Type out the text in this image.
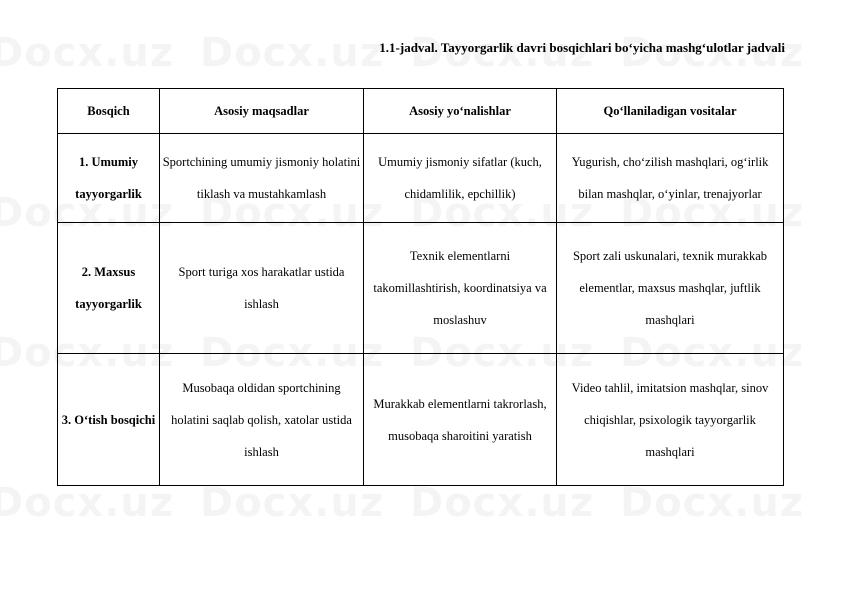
1.1-jadval. Tayyorgarlik davri bosqichlari bo‘yicha mashg‘ulotlar jadvali
Bosqich	Asosiy maqsadlar	Asosiy yo‘nalishlar	Qo‘llaniladigan vositalar
1. Umumiy tayyorgarlik	Sportchining umumiy jismoniy holatini tiklash va mustahkamlash	Umumiy jismoniy sifatlar (kuch, chidamlilik, epchillik)	Yugurish, cho‘zilish mashqlari, og‘irlik bilan mashqlar, o‘yinlar, trenajyorlar
2. Maxsus tayyorgarlik	Sport turiga xos harakatlar ustida ishlash	Texnik elementlarni takomillashtirish, koordinatsiya va moslashuv	Sport zali uskunalari, texnik murakkab elementlar, maxsus mashqlar, juftlik mashqlari
3. O‘tish bosqichi	Musobaqa oldidan sportchining holatini saqlab qolish, xatolar ustida ishlash	Murakkab elementlarni takrorlash, musobaqa sharoitini yaratish	Video tahlil, imitatsion mashqlar, sinov chiqishlar, psixologik tayyorgarlik mashqlari
